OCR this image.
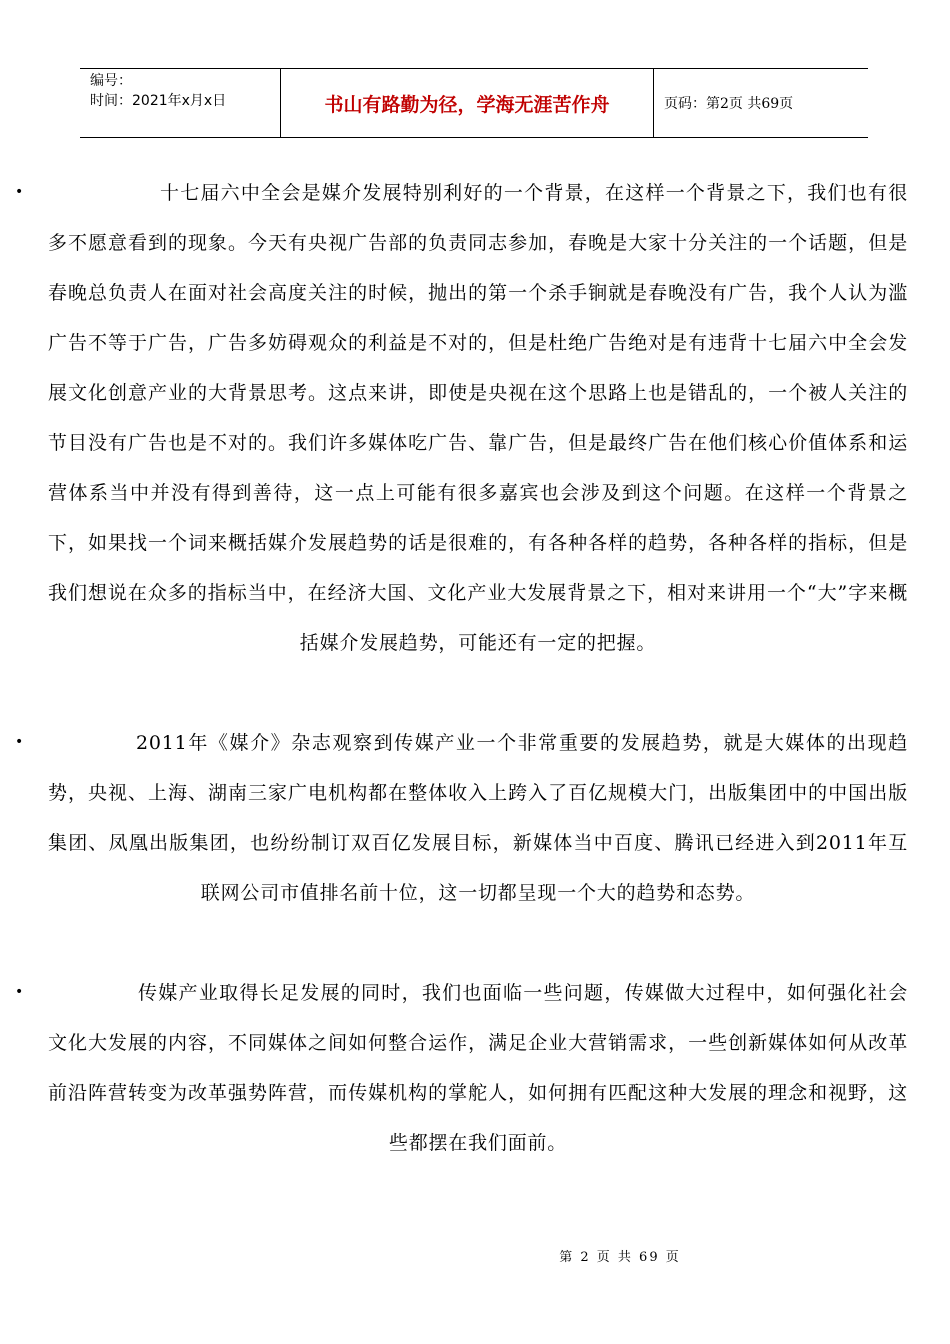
编号：
时间：2021年x月x日	书山有路勤为径，学海无涯苦作舟	页码：第2页 共69页
•	十七届六中全会是媒介发展特别利好的一个背景，在这样一个背景之下，我们也有很多不愿意看到的现象。今天有央视广告部的负责同志参加，春晚是大家十分关注的一个话题，但是春晚总负责人在面对社会高度关注的时候，抛出的第一个杀手锏就是春晚没有广告，我个人认为滥广告不等于广告，广告多妨碍观众的利益是不对的，但是杜绝广告绝对是有违背十七届六中全会发展文化创意产业的大背景思考。这点来讲，即使是央视在这个思路上也是错乱的，一个被人关注的节目没有广告也是不对的。我们许多媒体吃广告、靠广告，但是最终广告在他们核心价值体系和运营体系当中并没有得到善待，这一点上可能有很多嘉宾也会涉及到这个问题。在这样一个背景之下，如果找一个词来概括媒介发展趋势的话是很难的，有各种各样的趋势，各种各样的指标，但是我们想说在众多的指标当中，在经济大国、文化产业大发展背景之下，相对来讲用一个“大”字来概括媒介发展趋势，可能还有一定的把握。
•	2011年《媒介》杂志观察到传媒产业一个非常重要的发展趋势，就是大媒体的出现趋势，央视、上海、湖南三家广电机构都在整体收入上跨入了百亿规模大门，出版集团中的中国出版集团、凤凰出版集团，也纷纷制订双百亿发展目标，新媒体当中百度、腾讯已经进入到2011年互联网公司市值排名前十位，这一切都呈现一个大的趋势和态势。
•	传媒产业取得长足发展的同时，我们也面临一些问题，传媒做大过程中，如何强化社会文化大发展的内容，不同媒体之间如何整合运作，满足企业大营销需求，一些创新媒体如何从改革前沿阵营转变为改革强势阵营，而传媒机构的掌舵人，如何拥有匹配这种大发展的理念和视野，这些都摆在我们面前。
第 2 页 共 69 页
